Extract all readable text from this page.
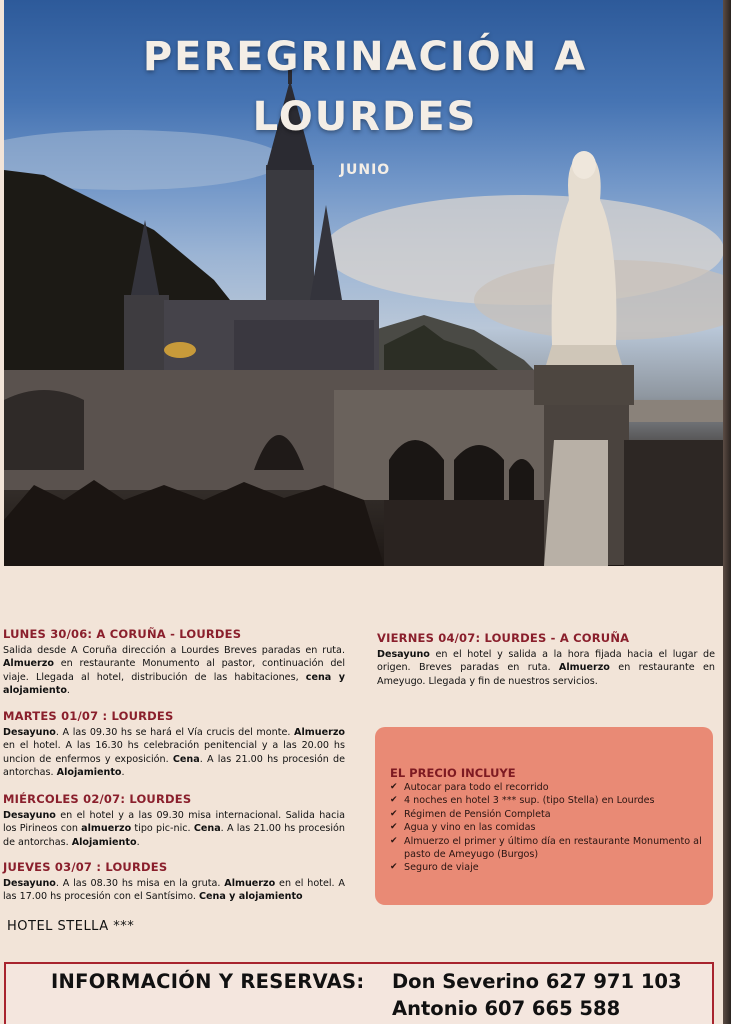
PEREGRINACIÓN A
LOURDES
JUNIO
LUNES 30/06: A CORUÑA - LOURDES

Salida desde A Coruña dirección a Lourdes Breves paradas en ruta. Almuerzo en restaurante Monumento al pastor, continuación del viaje. Llegada al hotel, distribución de las habitaciones, cena y alojamiento.

MARTES 01/07 : LOURDES

Desayuno. A las 09.30 hs se hará el Vía crucis del monte. Almuerzo en el hotel. A las 16.30 hs celebración penitencial y a las 20.00 hs uncion de enfermos y exposición. Cena. A las 21.00 hs procesión de antorchas. Alojamiento.

MIÉRCOLES 02/07: LOURDES

Desayuno en el hotel y a las 09.30 misa internacional. Salida hacia los Pirineos con almuerzo tipo pic-nic. Cena. A las 21.00 hs procesión de antorchas. Alojamiento.

JUEVES 03/07 : LOURDES

Desayuno. A las 08.30 hs misa en la gruta. Almuerzo en el hotel. A las 17.00 hs procesión con el Santísimo. Cena y alojamiento

VIERNES 04/07: LOURDES - A CORUÑA

Desayuno en el hotel y salida a la hora fijada hacia el lugar de origen. Breves paradas en ruta. Almuerzo en restaurante en Ameyugo. Llegada y fin de nuestros servicios.

EL PRECIO INCLUYE
✔ Autocar para todo el recorrido
✔ 4 noches en hotel 3 *** sup. (tipo Stella) en Lourdes
✔ Régimen de Pensión Completa
✔ Agua y vino en las comidas
✔ Almuerzo el primer y último día en restaurante Monumento al pasto de Ameyugo (Burgos)
✔ Seguro de viaje
HOTEL STELLA ***
INFORMACIÓN Y RESERVAS: Don Severino 627 971 103
Antonio 607 665 588
